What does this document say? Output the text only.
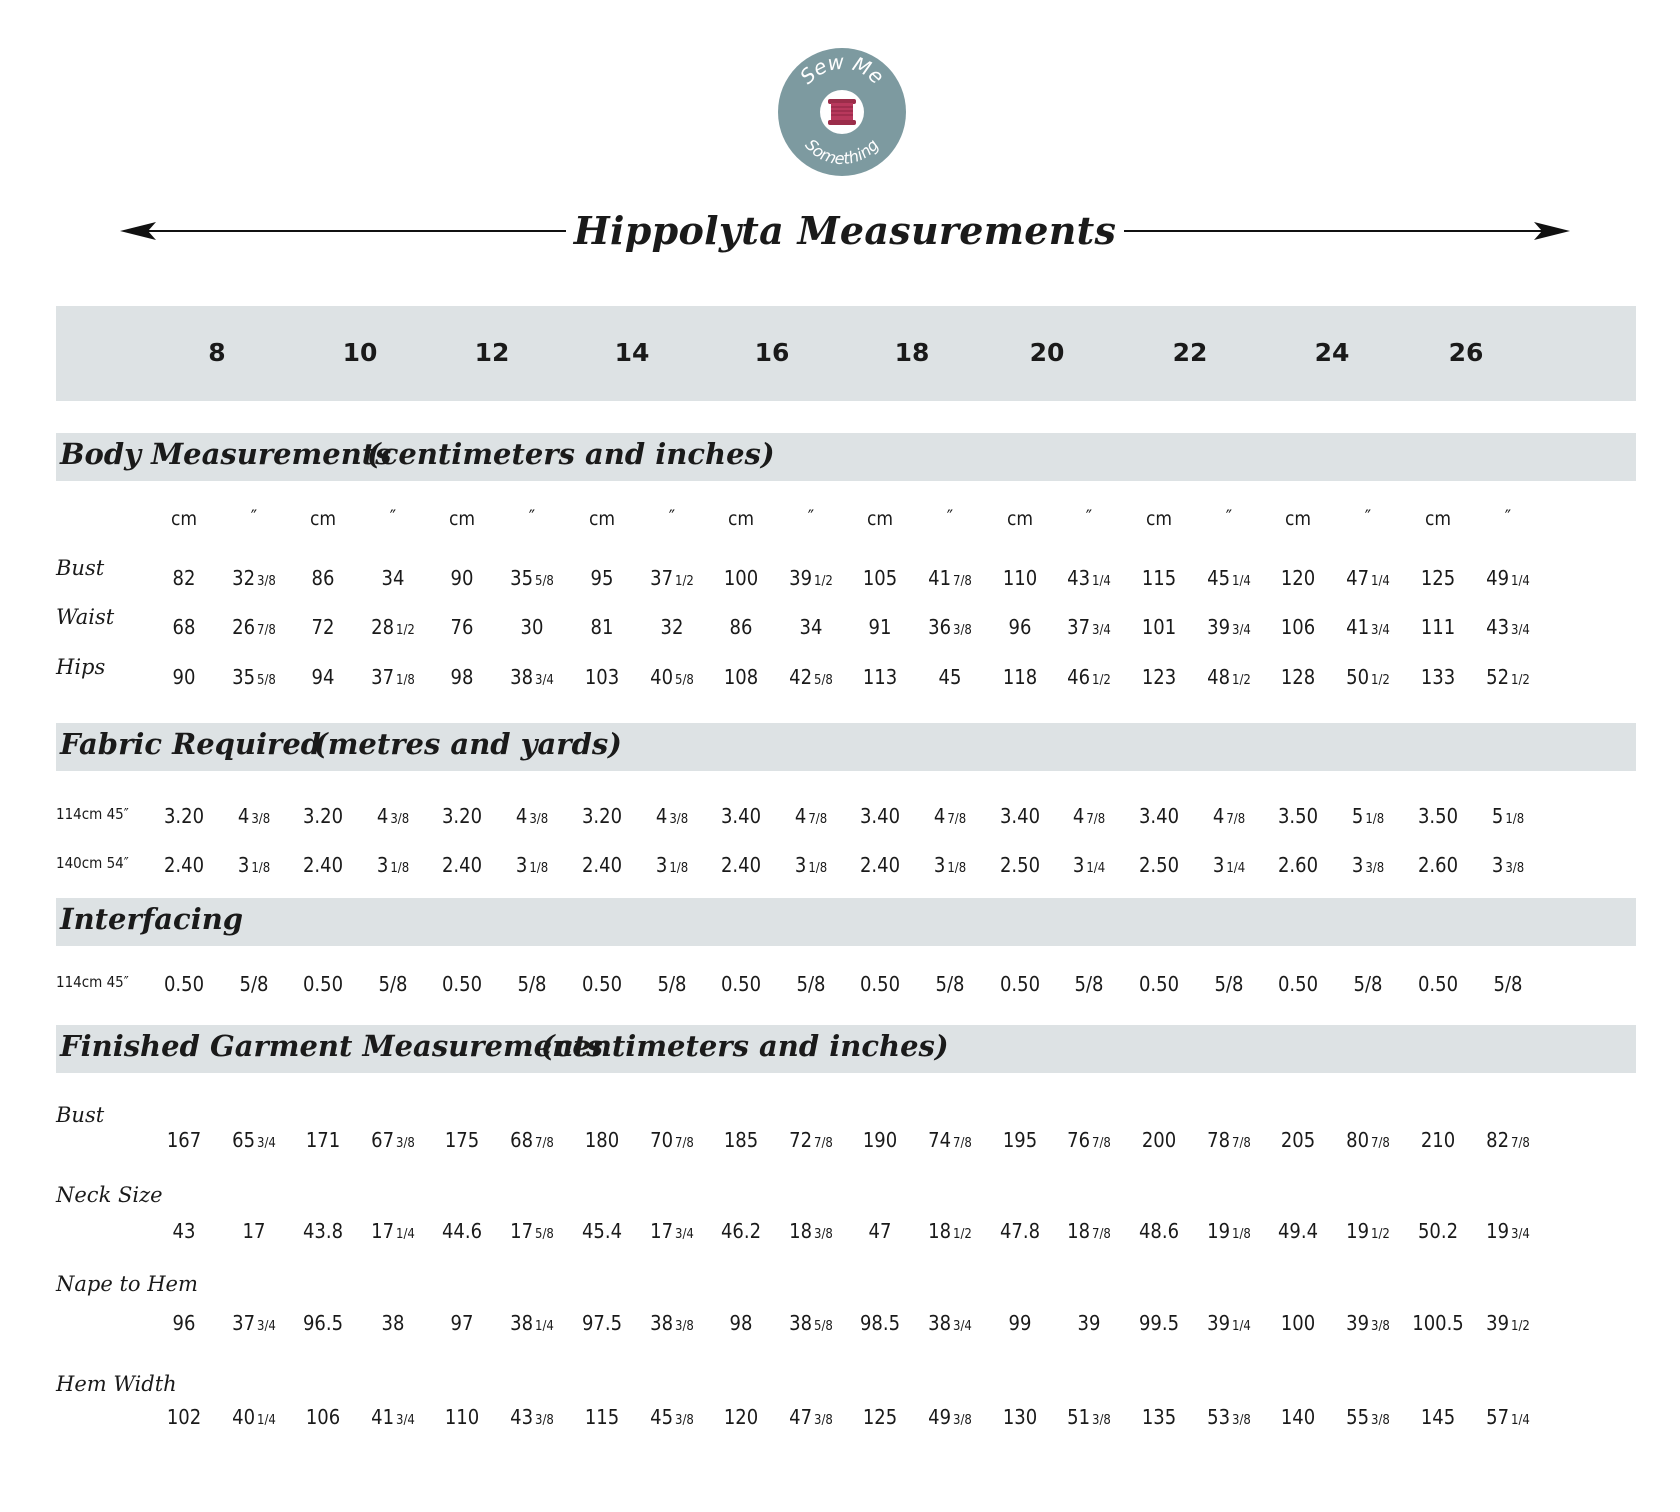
Sew Me
Something
Hippolyta Measurements
8	10	12	14	16	18	20	22	24	26
Body Measurements
(centimeters and inches)
Fabric Required
(metres and yards)
Interfacing
Finished Garment Measurements
(centimeters and inches)
cm	″	cm	″	cm	″	cm	″	cm	″	cm	″	cm	″	cm	″	cm	″	cm	″
Bust	82	32 3/8	86	34	90	35 5/8	95	37 1/2	100	39 1/2	105	41 7/8	110	43 1/4	115	45 1/4	120	47 1/4	125	49 1/4
Waist	68	26 7/8	72	28 1/2	76	30	81	32	86	34	91	36 3/8	96	37 3/4	101	39 3/4	106	41 3/4	111	43 3/4
Hips	90	35 5/8	94	37 1/8	98	38 3/4	103	40 5/8	108	42 5/8	113	45	118	46 1/2	123	48 1/2	128	50 1/2	133	52 1/2
114cm 45″	3.20	4 3/8	3.20	4 3/8	3.20	4 3/8	3.20	4 3/8	3.40	4 7/8	3.40	4 7/8	3.40	4 7/8	3.40	4 7/8	3.50	5 1/8	3.50	5 1/8
140cm 54″	2.40	3 1/8	2.40	3 1/8	2.40	3 1/8	2.40	3 1/8	2.40	3 1/8	2.40	3 1/8	2.50	3 1/4	2.50	3 1/4	2.60	3 3/8	2.60	3 3/8
114cm 45″	0.50	5/8	0.50	5/8	0.50	5/8	0.50	5/8	0.50	5/8	0.50	5/8	0.50	5/8	0.50	5/8	0.50	5/8	0.50	5/8
Bust
167	65 3/4	171	67 3/8	175	68 7/8	180	70 7/8	185	72 7/8	190	74 7/8	195	76 7/8	200	78 7/8	205	80 7/8	210	82 7/8
Neck Size
43	17	43.8	17 1/4	44.6	17 5/8	45.4	17 3/4	46.2	18 3/8	47	18 1/2	47.8	18 7/8	48.6	19 1/8	49.4	19 1/2	50.2	19 3/4
Nape to Hem
96	37 3/4	96.5	38	97	38 1/4	97.5	38 3/8	98	38 5/8	98.5	38 3/4	99	39	99.5	39 1/4	100	39 3/8	100.5	39 1/2
Hem Width
102	40 1/4	106	41 3/4	110	43 3/8	115	45 3/8	120	47 3/8	125	49 3/8	130	51 3/8	135	53 3/8	140	55 3/8	145	57 1/4
